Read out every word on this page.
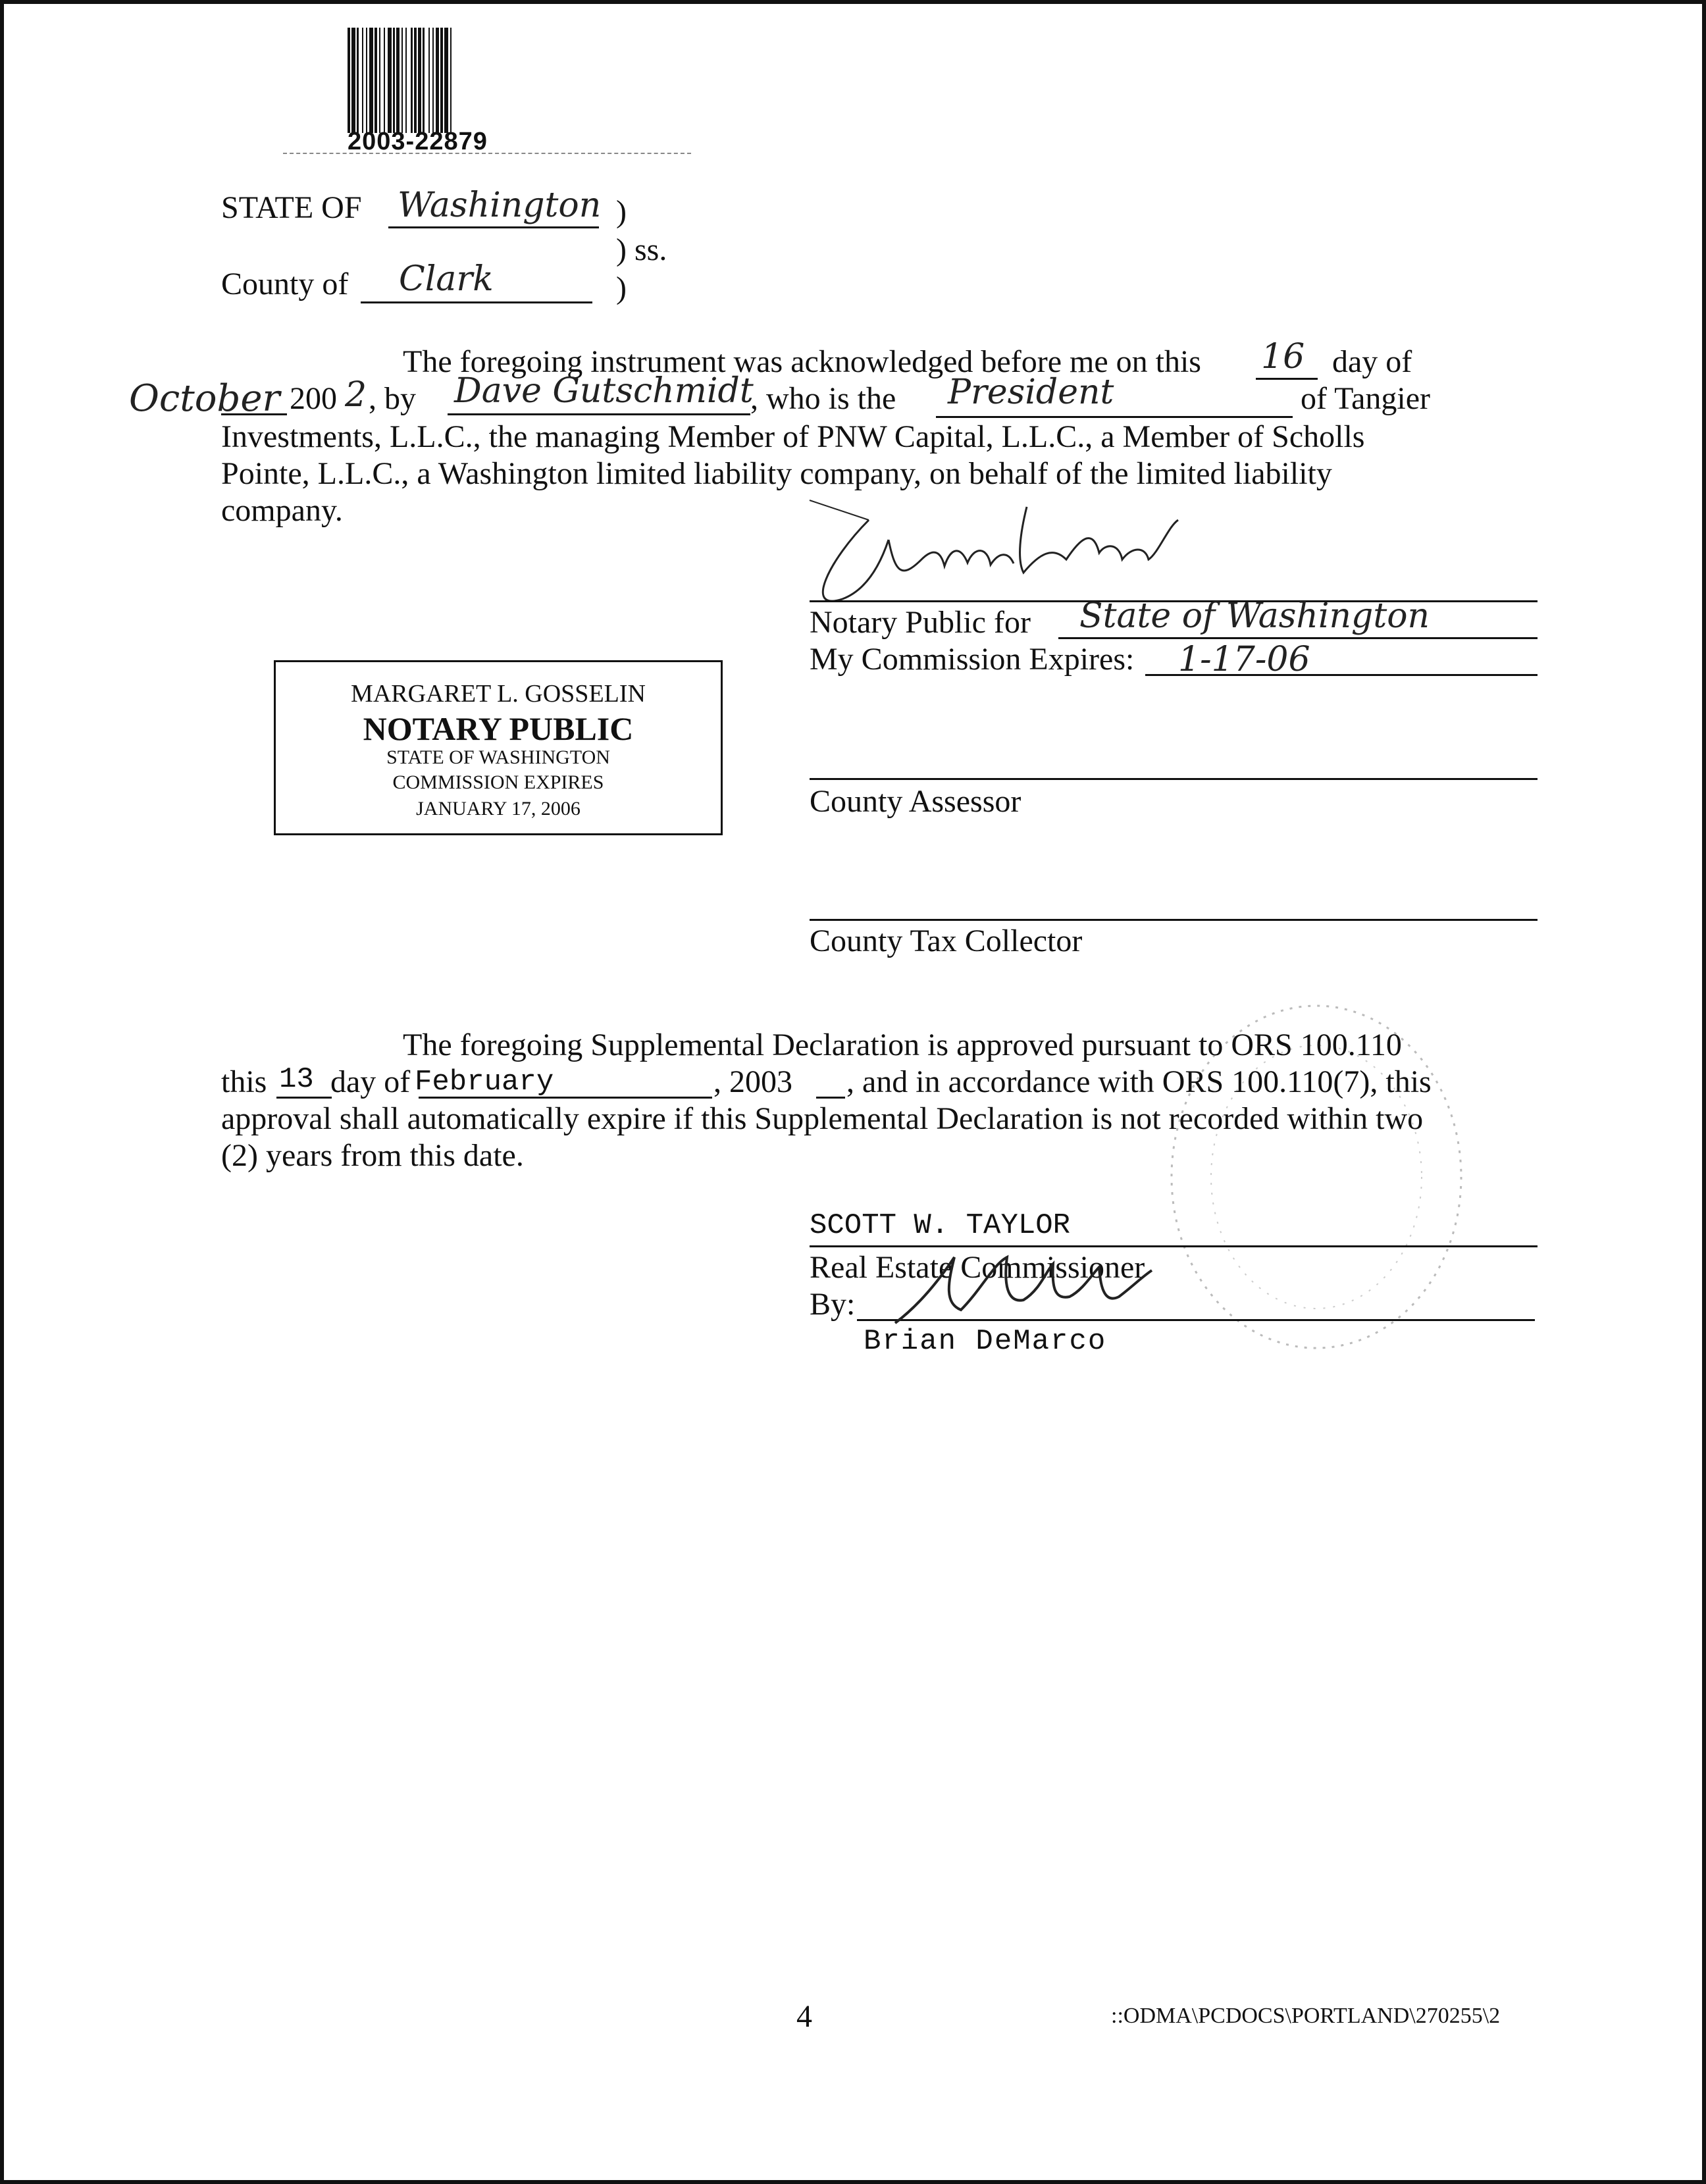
2003-22879
STATE OF Washington )
) ss.
County of Clark	)
The foregoing instrument was acknowledged before me on this 16 day of
October 200 2 , by Dave Gutschmidt
, who is the President	of Tangier
Investments, L.L.C., the managing Member of PNW Capital, L.L.C., a Member of Scholls
Pointe, L.L.C., a Washington limited liability company, on behalf of the limited liability
company.
Notary Public for State of Washington
My Commission Expires: 1-17-06
MARGARET L. GOSSELIN
NOTARY PUBLIC
STATE OF WASHINGTON
COMMISSION EXPIRES
JANUARY 17, 2006	County Assessor
County Tax Collector
The foregoing Supplemental Declaration is approved pursuant to ORS 100.110
this 13 day of February	, 2003 , and in accordance with ORS 100.110(7), this
approval shall automatically expire if this Supplemental Declaration is not recorded within two
(2) years from this date.
SCOTT W. TAYLOR
Real Estate Commissioner
By:
Brian DeMarco
4	::ODMA\PCDOCS\PORTLAND\270255\2
